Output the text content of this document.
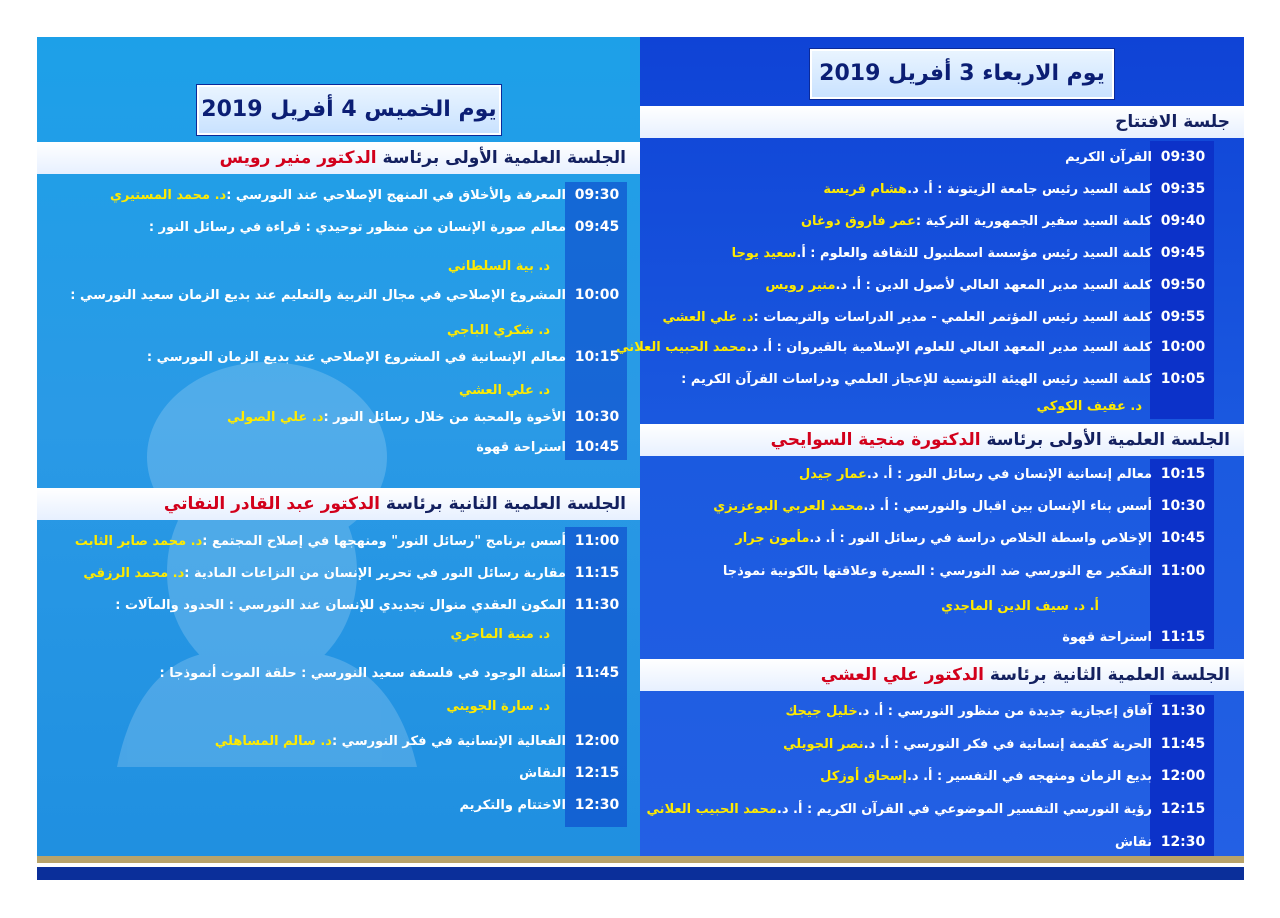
يوم الخميس 4 أفريل 2019
الجلسة العلمية الأولى برئاسة الدكتور منير رويس
09:30المعرفة والأخلاق في المنهج الإصلاحي عند النورسي :د. محمد المستيري
09:45معالم صورة الإنسان من منظور توحيدي : قراءة في رسائل النور :
د. بية السلطاني
10:00المشروع الإصلاحي في مجال التربية والتعليم عند بديع الزمان سعيد النورسي :
د. شكري الباجي
10:15معالم الإنسانية في المشروع الإصلاحي عند بديع الزمان النورسي :
د. علي العشي
10:30الأخوة والمحبة من خلال رسائل النور :د. علي الصولي
10:45استراحة قهوة
الجلسة العلمية الثانية برئاسة الدكتور عبد القادر النفاتي
11:00أسس برنامج "رسائل النور" ومنهجها في إصلاح المجتمع :د. محمد صابر الثابت
11:15مقاربة رسائل النور في تحرير الإنسان من النزاعات المادية :د. محمد الرزقي
11:30المكون العقدي منوال تجديدي للإنسان عند النورسي : الحدود والمآلات :
د. منية الماجري
11:45أسئلة الوجود في فلسفة سعيد النورسي : حلقة الموت أنموذجا :
د. سارة الجويني
12:00الفعالية الإنسانية في فكر النورسي :د. سالم المساهلي
12:15النقاش
12:30الاختتام والتكريم
يوم الاربعاء 3 أفريل 2019
جلسة الافتتاح
09:30القرآن الكريم
09:35كلمة السيد رئيس جامعة الزيتونة : أ. د.هشام قريسة
09:40كلمة السيد سفير الجمهورية التركية :عمر فاروق دوغان
09:45كلمة السيد رئيس مؤسسة اسطنبول للثقافة والعلوم : أ.سعيد يوجا
09:50كلمة السيد مدير المعهد العالي لأصول الدين : أ. د.منير رويس
09:55كلمة السيد رئيس المؤتمر العلمي - مدير الدراسات والتربصات :د. علي العشي
10:00كلمة السيد مدير المعهد العالي للعلوم الإسلامية بالقيروان : أ. د.محمد الحبيب العلاني
10:05كلمة السيد رئيس الهيئة التونسية للإعجاز العلمي ودراسات القرآن الكريم :
د. عفيف الكوكي
الجلسة العلمية الأولى برئاسة الدكتورة منجية السوايحي
10:15معالم إنسانية الإنسان في رسائل النور : أ. د.عمار جيدل
10:30أسس بناء الإنسان بين اقبال والنورسي : أ. د.محمد العربي البوعزيزي
10:45الإخلاص واسطة الخلاص دراسة في رسائل النور : أ. د.مأمون جرار
11:00التفكير مع النورسي ضد النورسي : السيرة وعلاقتها بالكونية نموذجا
أ. د. سيف الدين الماجدي
11:15استراحة قهوة
الجلسة العلمية الثانية برئاسة الدكتور علي العشي
11:30آفاق إعجازية جديدة من منظور النورسي : أ. د.خليل جيجك
11:45الحرية كقيمة إنسانية في فكر النورسي : أ. د.نصر الجويلي
12:00بديع الزمان ومنهجه في التفسير : أ. د.إسحاق أوزكل
12:15رؤية النورسي التفسير الموضوعي في القرآن الكريم : أ. د.محمد الحبيب العلاني
12:30نقاش
